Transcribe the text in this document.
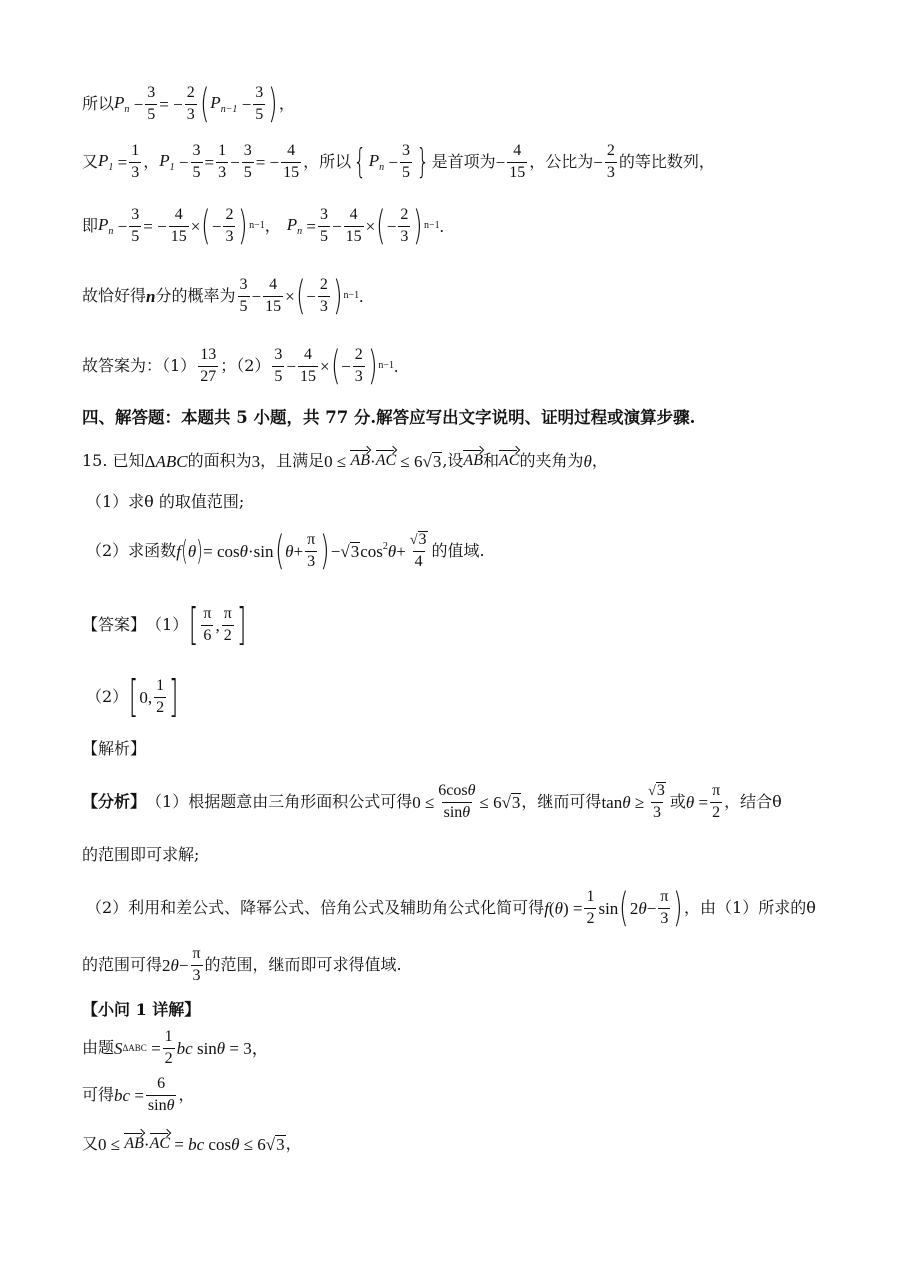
所以 $P_n - \frac{3}{5}$ = − $\frac{2}{3}$ ( $P_{n-1} - \frac{3}{5}$ ) ，
又 $P_1 = \frac{1}{3}$ ， $P_1 - \frac{3}{5} = \frac{1}{3} - \frac{3}{5}$ = − $\frac{4}{15}$ ，所以 { $P_n - \frac{3}{5}$ } 是首项为 − $\frac{4}{15}$ ，公比为 − $\frac{2}{3}$ 的等比数列，
即 $P_n - \frac{3}{5}$ = − $\frac{4}{15}$ × ( − $\frac{2}{3}$ ) n−1 ， $P_n = \frac{3}{5} - \frac{4}{15}$ × ( − $\frac{2}{3}$ ) n−1 .
故恰好得 n 分的概率为 $\frac{3}{5} - \frac{4}{15}$ × ( − $\frac{2}{3}$ ) n−1 .
故答案为：$(1) \frac{13}{27}$ ；$(2) \frac{3}{5} - \frac{4}{15}$ × ( − $\frac{2}{3}$ ) n−1 .
四、解答题：本题共 5 小题，共 77 分.解答应写出文字说明、证明过程或演算步骤.
15. 已知 Δ ABC 的面积为 3 ，且满足 0 ≤ AB · AC ≤ 6 √ 3 ,设 AB 和 AC 的夹角为 θ ，
（1）求θ 的取值范围;
（2）求函数 f ( θ ) = cos θ ·sin ( $\theta + \frac{\pi}{3}$ ) − √ 3 $\cos^2 \theta + \frac{√ 3}{4}$ 的值域.
【答案】 （1） [ $\frac{\pi}{6}$ , $\frac{\pi}{2}$ ]
（2） [ 0, $\frac{1}{2}$ ]
【解析】
【分析】 （1）根据题意由三角形面积公式可得 $0 \le \frac{6\cos\theta}{\sin\theta} \le 6$ √ 3 ，继而可得 $\tan \theta \ge \frac{√ 3}{3}$ 或 $\theta = \frac{\pi}{2}$ ，结合θ
的范围即可求解;
（2）利用和差公式、降幂公式、倍角公式及辅助角公式化简可得 f ( θ ) = $\frac{1}{2}$ sin ( 2 $\theta - \frac{\pi}{3}$ ) ，由（1）所求的θ
的范围可得 2 $\theta - \frac{\pi}{3}$ 的范围，继而即可求得值域.
【小问 1 详解】
由题 S $\Delta ABC = \frac{1}{2}$ bc sin θ = 3，
可得 bc = $\frac{6}{\sin\theta}$ ，
又 0 ≤ AB · AC = bc cos θ ≤ 6 √ 3 ，
